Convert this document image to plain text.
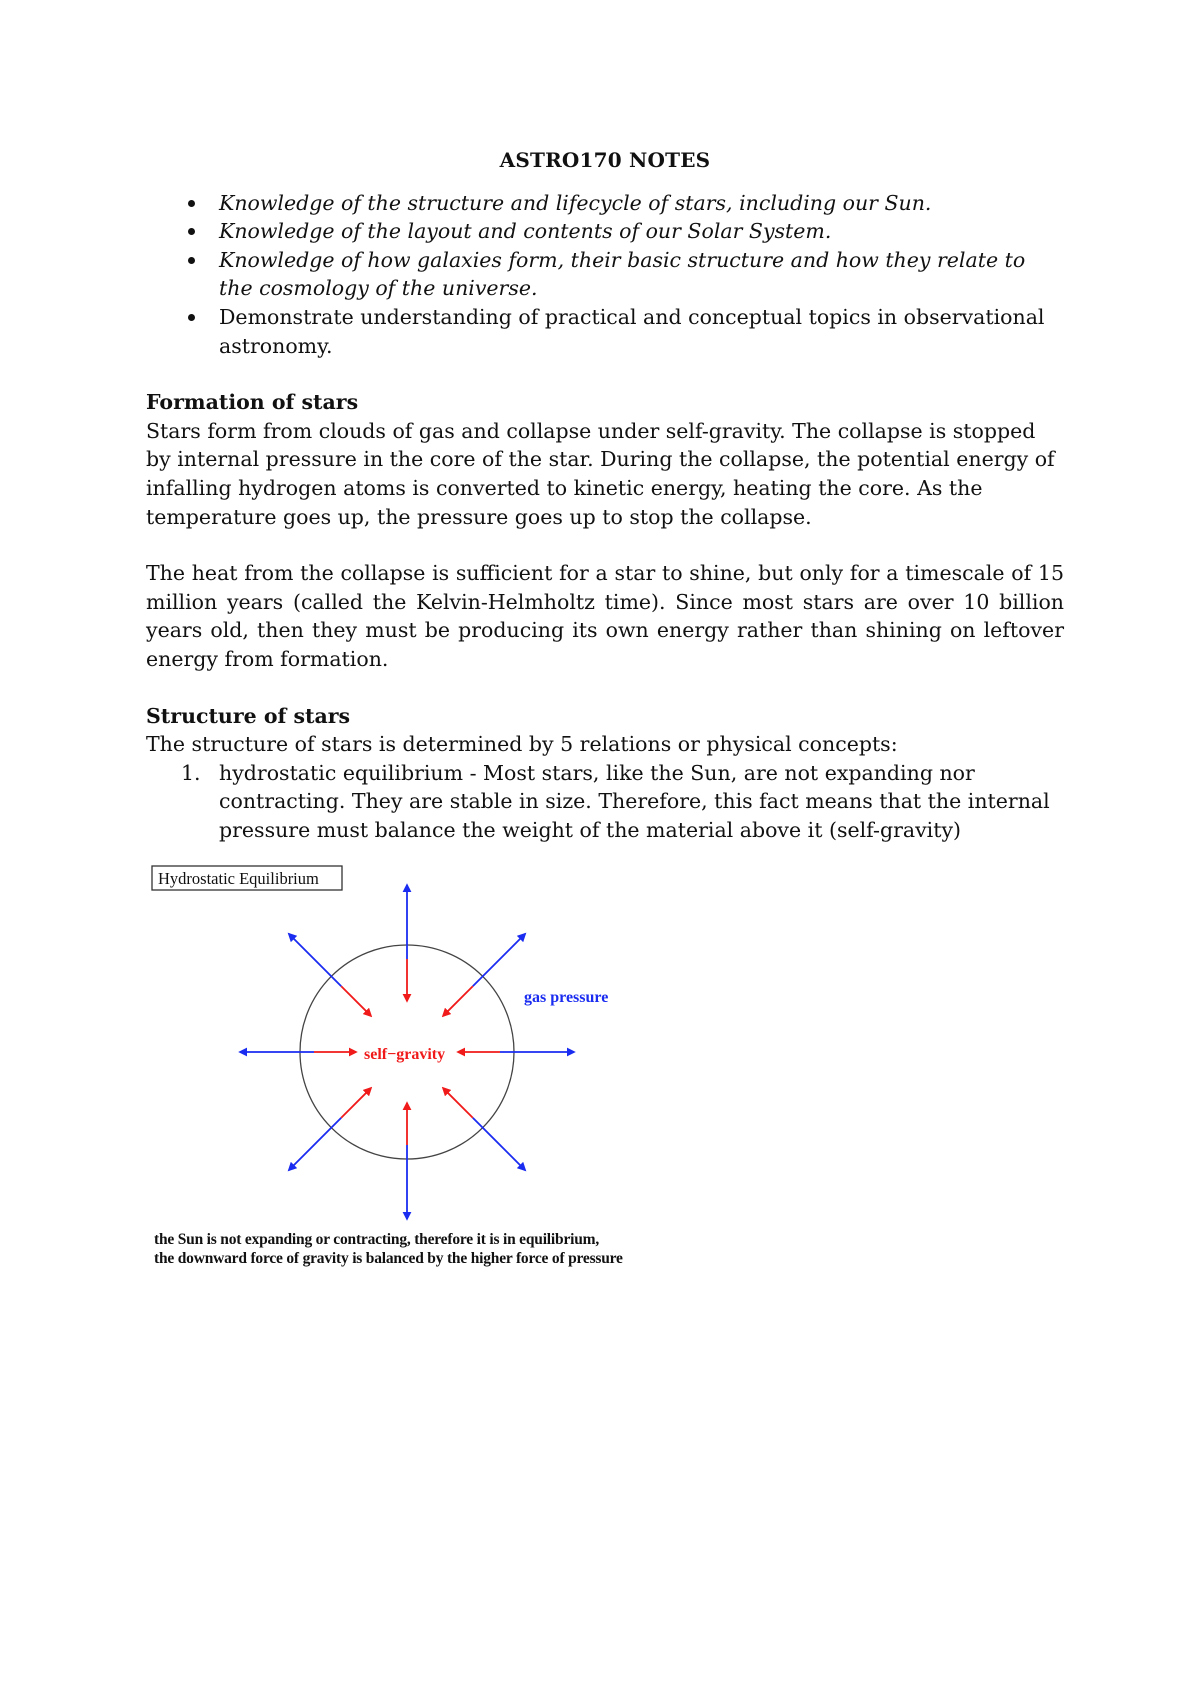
ASTRO170 NOTES
Knowledge of the structure and lifecycle of stars, including our Sun.
Knowledge of the layout and contents of our Solar System.
Knowledge of how galaxies form, their basic structure and how they relate to the cosmology of the universe.
Demonstrate understanding of practical and conceptual topics in observational astronomy.
Formation of stars

Stars form from clouds of gas and collapse under self-gravity. The collapse is stopped by internal pressure in the core of the star. During the collapse, the potential energy of infalling hydrogen atoms is converted to kinetic energy, heating the core. As the temperature goes up, the pressure goes up to stop the collapse.

The heat from the collapse is sufficient for a star to shine, but only for a timescale of 15 million years (called the Kelvin-Helmholtz time). Since most stars are over 10 billion years old, then they must be producing its own energy rather than shining on leftover energy from formation.

Structure of stars

The structure of stars is determined by 5 relations or physical concepts:

1. hydrostatic equilibrium - Most stars, like the Sun, are not expanding nor contracting. They are stable in size. Therefore, this fact means that the internal pressure must balance the weight of the material above it (self-gravity)
Hydrostatic Equilibrium
self−gravity
gas pressure
the Sun is not expanding or contracting, therefore it is in equilibrium,
the downward force of gravity is balanced by the higher force of pressure
